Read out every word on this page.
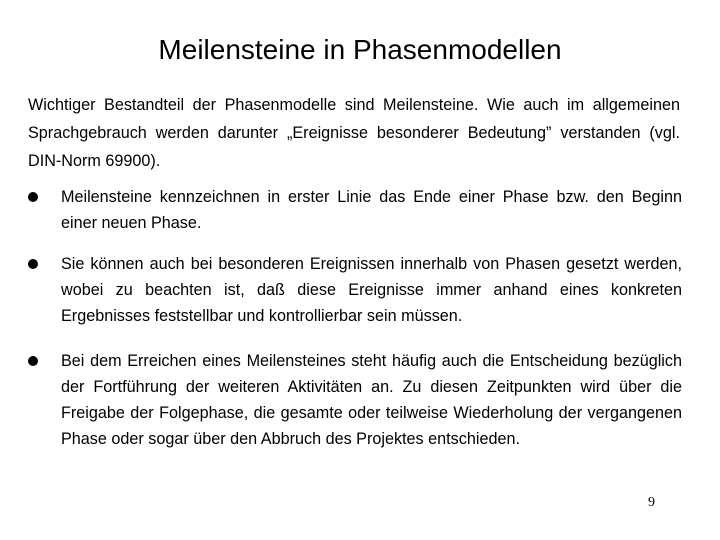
Meilensteine in Phasenmodellen

Wichtiger Bestandteil der Phasenmodelle sind Meilensteine. Wie auch im allgemeinen Sprachgebrauch werden darunter „Ereignisse besonderer Bedeutung” verstanden (vgl. DIN-Norm 69900).

Meilensteine kennzeichnen in erster Linie das Ende einer Phase bzw. den Beginn einer neuen Phase.
Sie können auch bei besonderen Ereignissen innerhalb von Phasen gesetzt werden, wobei zu beachten ist, daß diese Ereignisse immer anhand eines konkreten Ergebnisses feststellbar und kontrollierbar sein müssen.
Bei dem Erreichen eines Meilensteines steht häufig auch die Entscheidung bezüglich der Fortführung der weiteren Aktivitäten an. Zu diesen Zeitpunkten wird über die Freigabe der Folgephase, die gesamte oder teilweise Wiederholung der vergangenen Phase oder sogar über den Abbruch des Projektes entschieden.
9
